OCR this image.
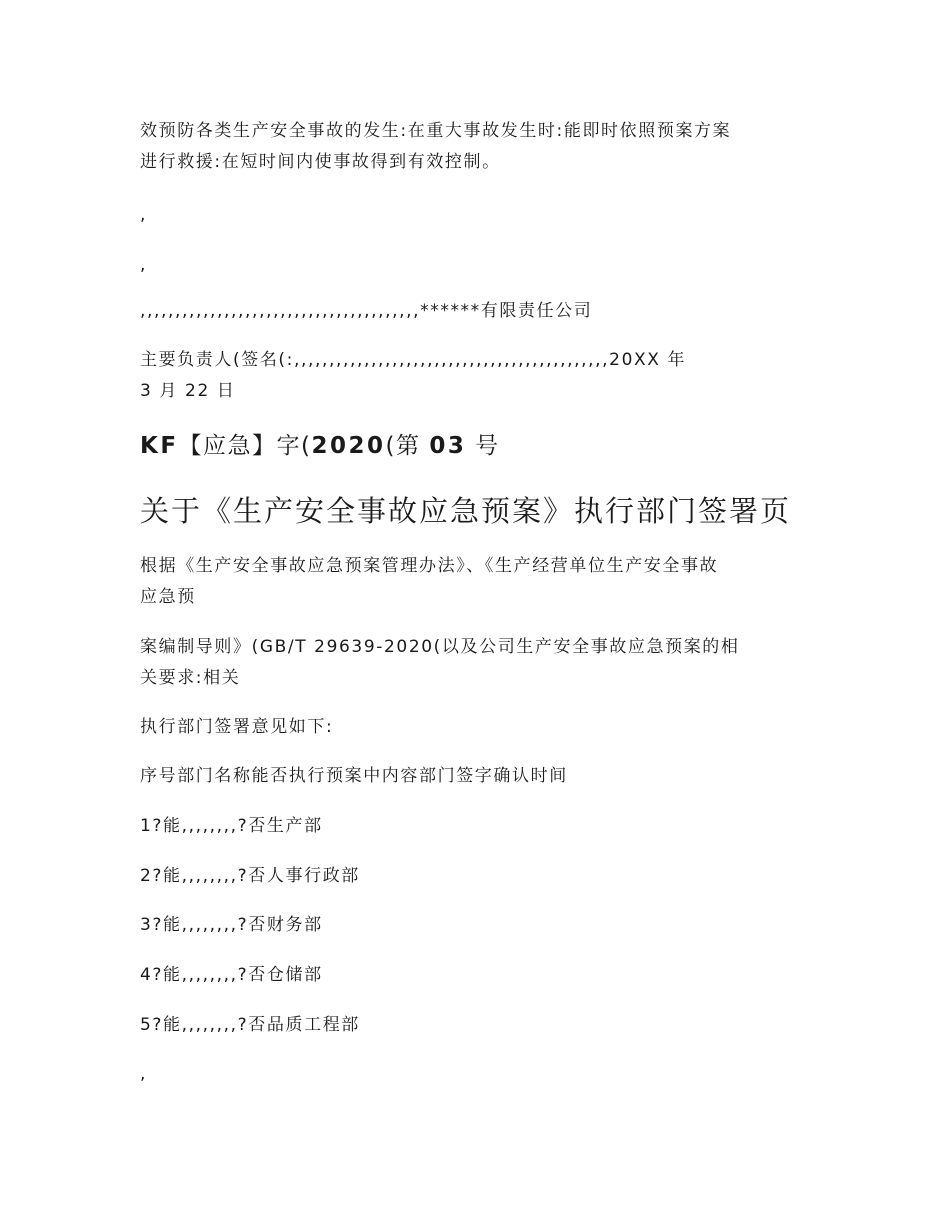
效预防各类生产安全事故的发生:在重大事故发生时:能即时依照预案方案
进行救援:在短时间内使事故得到有效控制。
,
,
,,,,,,,,,,,,,,,,,,,,,,,,,,,,,,,,,,,,,,,,******有限责任公司
主要负责人(签名(:,,,,,,,,,,,,,,,,,,,,,,,,,,,,,,,,,,,,,,,,,,,,,20XX 年
3 月 22 日
KF【应急】字(2020(第 03 号
关于《生产安全事故应急预案》执行部门签署页
根据《生产安全事故应急预案管理办法》、《生产经营单位生产安全事故
应急预
案编制导则》(GB/T 29639-2020(以及公司生产安全事故应急预案的相
关要求:相关
执行部门签署意见如下:
序号部门名称能否执行预案中内容部门签字确认时间
1?能,,,,,,,,?否生产部
2?能,,,,,,,,?否人事行政部
3?能,,,,,,,,?否财务部
4?能,,,,,,,,?否仓储部
5?能,,,,,,,,?否品质工程部
,
